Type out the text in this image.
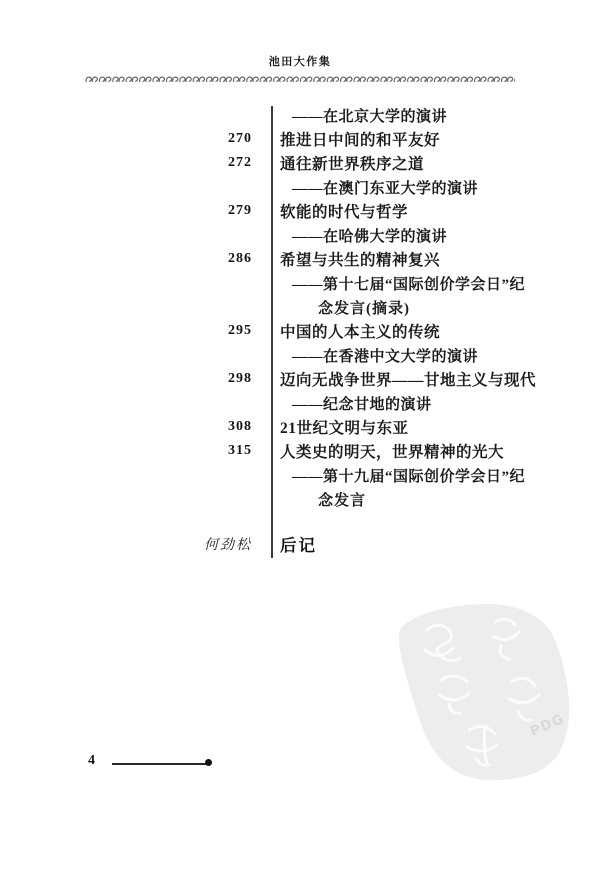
池田大作集
——在北京大学的演讲
270	推进日中间的和平友好
272	通往新世界秩序之道
——在澳门东亚大学的演讲
279	软能的时代与哲学
——在哈佛大学的演讲
286	希望与共生的精神复兴
——第十七届“国际创价学会日”纪
念发言(摘录)
295	中国的人本主义的传统
——在香港中文大学的演讲
298	迈向无战争世界——甘地主义与现代
——纪念甘地的演讲
308	21世纪文明与东亚
315	人类史的明天，世界精神的光大
——第十九届“国际创价学会日”纪
念发言
何劲松	后记
PDG
4
